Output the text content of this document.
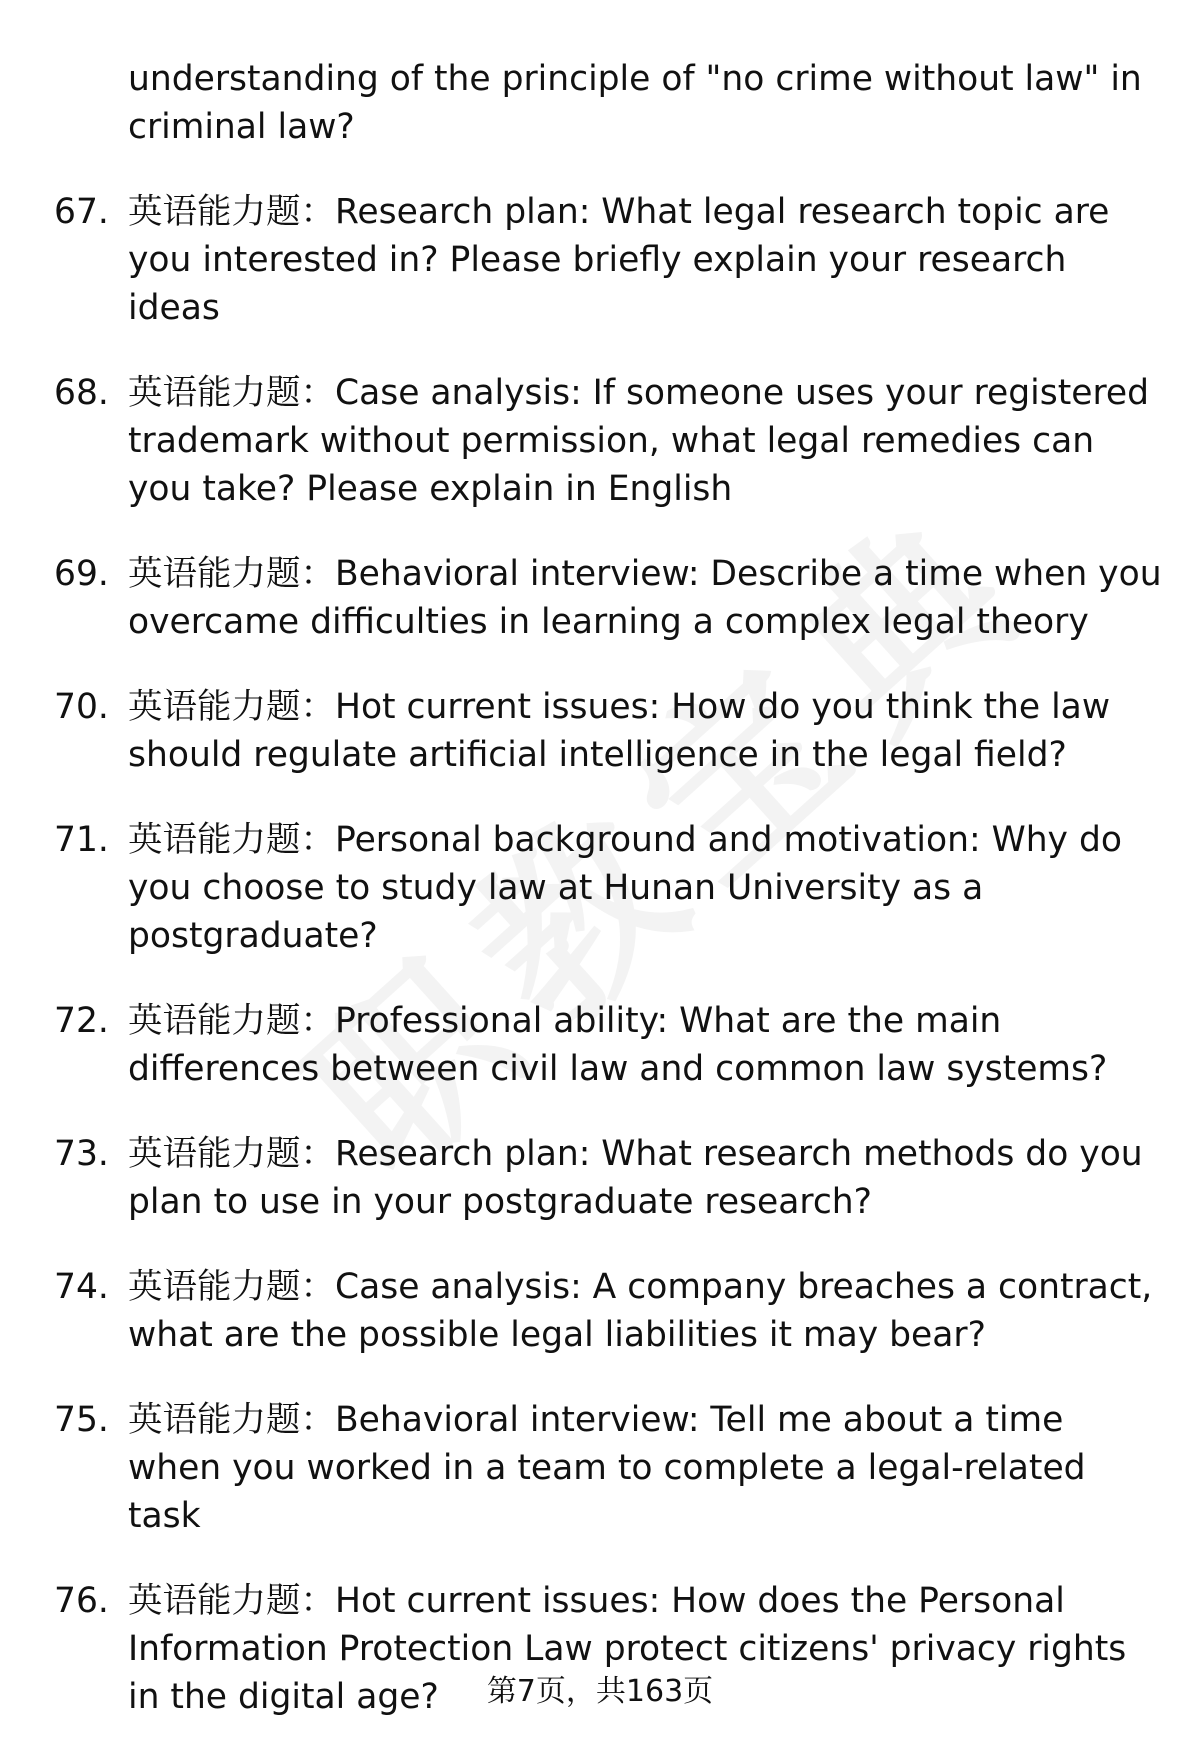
understanding of the principle of "no crime without law" in criminal law?
67. 英语能力题：Research plan: What legal research topic are you interested in? Please briefly explain your research ideas
68. 英语能力题：Case analysis: If someone uses your registered trademark without permission, what legal remedies can you take? Please explain in English
69. 英语能力题：Behavioral interview: Describe a time when you overcame difficulties in learning a complex legal theory
70. 英语能力题：Hot current issues: How do you think the law should regulate artificial intelligence in the legal field?
71. 英语能力题：Personal background and motivation: Why do you choose to study law at Hunan University as a postgraduate?
72. 英语能力题：Professional ability: What are the main differences between civil law and common law systems?
73. 英语能力题：Research plan: What research methods do you plan to use in your postgraduate research?
74. 英语能力题：Case analysis: A company breaches a contract, what are the possible legal liabilities it may bear?
75. 英语能力题：Behavioral interview: Tell me about a time when you worked in a team to complete a legal-related task
76. 英语能力题：Hot current issues: How does the Personal Information Protection Law protect citizens' privacy rights in the digital age?	第7页，共163页
